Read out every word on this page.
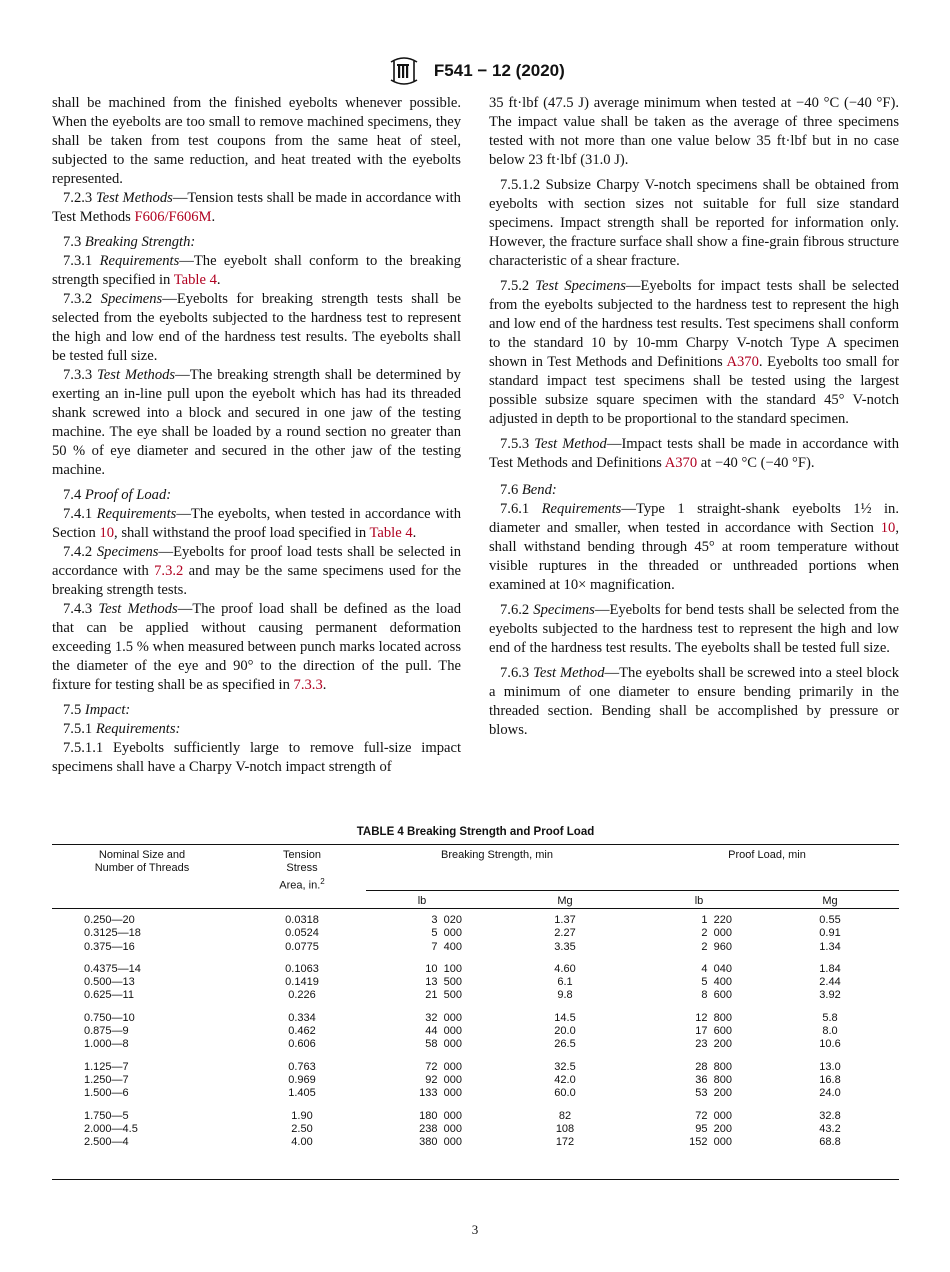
F541 − 12 (2020)

shall be machined from the finished eyebolts whenever possible. When the eyebolts are too small to remove machined specimens, they shall be taken from test coupons from the same heat of steel, subjected to the same reduction, and heat treated with the eyebolts represented.

7.2.3 Test Methods—Tension tests shall be made in accordance with Test Methods F606/F606M.

7.3 Breaking Strength:

7.3.1 Requirements—The eyebolt shall conform to the breaking strength specified in Table 4.

7.3.2 Specimens—Eyebolts for breaking strength tests shall be selected from the eyebolts subjected to the hardness test to represent the high and low end of the hardness test results. The eyebolts shall be tested full size.

7.3.3 Test Methods—The breaking strength shall be determined by exerting an in-line pull upon the eyebolt which has had its threaded shank screwed into a block and secured in one jaw of the testing machine. The eye shall be loaded by a round section no greater than 50 % of eye diameter and secured in the other jaw of the testing machine.

7.4 Proof of Load:

7.4.1 Requirements—The eyebolts, when tested in accordance with Section 10, shall withstand the proof load specified in Table 4.

7.4.2 Specimens—Eyebolts for proof load tests shall be selected in accordance with 7.3.2 and may be the same specimens used for the breaking strength tests.

7.4.3 Test Methods—The proof load shall be defined as the load that can be applied without causing permanent deformation exceeding 1.5 % when measured between punch marks located across the diameter of the eye and 90° to the direction of the pull. The fixture for testing shall be as specified in 7.3.3.

7.5 Impact:

7.5.1 Requirements:

7.5.1.1 Eyebolts sufficiently large to remove full-size impact specimens shall have a Charpy V-notch impact strength of

35 ft·lbf (47.5 J) average minimum when tested at −40 °C (−40 °F). The impact value shall be taken as the average of three specimens tested with not more than one value below 35 ft·lbf but in no case below 23 ft·lbf (31.0 J).

7.5.1.2 Subsize Charpy V-notch specimens shall be obtained from eyebolts with section sizes not suitable for full size standard specimens. Impact strength shall be reported for information only. However, the fracture surface shall show a fine-grain fibrous structure characteristic of a shear fracture.

7.5.2 Test Specimens—Eyebolts for impact tests shall be selected from the eyebolts subjected to the hardness test to represent the high and low end of the hardness test results. Test specimens shall conform to the standard 10 by 10-mm Charpy V-notch Type A specimen shown in Test Methods and Definitions A370. Eyebolts too small for standard impact test specimens shall be tested using the largest possible subsize square specimen with the standard 45° V-notch adjusted in depth to be proportional to the standard specimen.

7.5.3 Test Method—Impact tests shall be made in accordance with Test Methods and Definitions A370 at −40 °C (−40 °F).

7.6 Bend:

7.6.1 Requirements—Type 1 straight-shank eyebolts 1½ in. diameter and smaller, when tested in accordance with Section 10, shall withstand bending through 45° at room temperature without visible ruptures in the threaded or unthreaded portions when examined at 10× magnification.

7.6.2 Specimens—Eyebolts for bend tests shall be selected from the eyebolts subjected to the hardness test to represent the high and low end of the hardness test results. The eyebolts shall be tested full size.

7.6.3 Test Method—The eyebolts shall be screwed into a steel block a minimum of one diameter to ensure bending primarily in the threaded section. Bending shall be accomplished by pressure or blows.

TABLE 4 Breaking Strength and Proof Load
Nominal Size and
Number of Threads
Tension
Stress
Area, in.$^2$
Breaking Strength, min	Proof Load, min
lb	Mg	lb	Mg
0.250—20	0.0318	3  020	1.37	1  220	0.55
0.3125—18	0.0524	5  000	2.27	2  000	0.91
0.375—16	0.0775	7  400	3.35	2  960	1.34
0.4375—14	0.1063	10  100	4.60	4  040	1.84
0.500—13	0.1419	13  500	6.1	5  400	2.44
0.625—11	0.226	21  500	9.8	8  600	3.92
0.750—10	0.334	32  000	14.5	12  800	5.8
0.875—9	0.462	44  000	20.0	17  600	8.0
1.000—8	0.606	58  000	26.5	23  200	10.6
1.125—7	0.763	72  000	32.5	28  800	13.0
1.250—7	0.969	92  000	42.0	36  800	16.8
1.500—6	1.405	133  000	60.0	53  200	24.0
1.750—5	1.90	180  000	82	72  000	32.8
2.000—4.5	2.50	238  000	108	95  200	43.2
2.500—4	4.00	380  000	172	152  000	68.8
3
